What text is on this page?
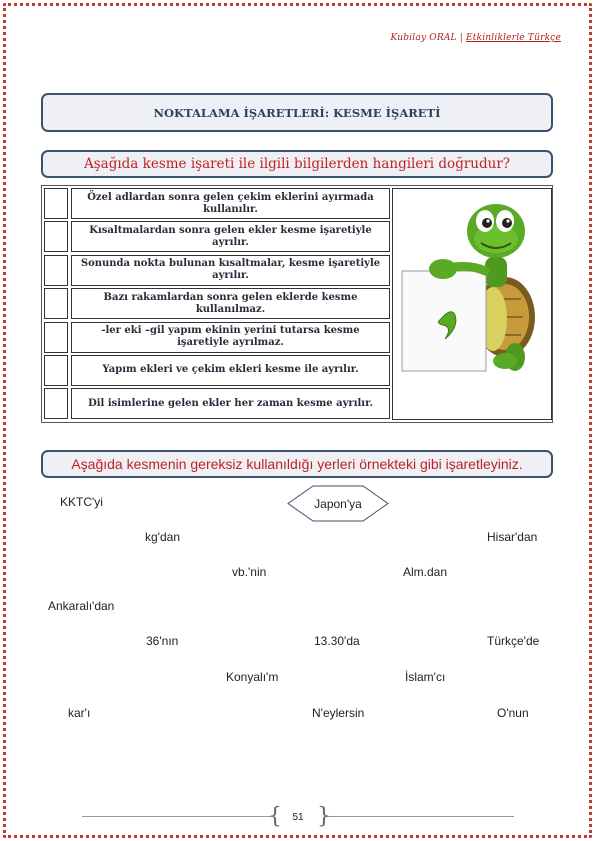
Kubilay ORAL | Etkinliklerle Türkçe
NOKTALAMA İŞARETLERİ: KESME İŞARETİ
Aşağıda kesme işareti ile ilgili bilgilerden hangileri doğrudur?
Özel adlardan sonra gelen çekim eklerini ayırmada kullanılır.
Kısaltmalardan sonra gelen ekler kesme işaretiyle ayrılır.
Sonunda nokta bulunan kısaltmalar, kesme işaretiyle ayrılır.
Bazı rakamlardan sonra gelen eklerde kesme kullanılmaz.
-ler eki –gil yapım ekinin yerini tutarsa kesme işaretiyle ayrılmaz.
Yapım ekleri ve çekim ekleri kesme ile ayrılır.
Dil isimlerine gelen ekler her zaman kesme ayrılır.
Aşağıda kesmenin gereksiz kullanıldığı yerleri örnekteki gibi işaretleyiniz.
Japon'ya
KKTC'yi
kg'dan	Hisar'dan
vb.'nin	Alm.dan
Ankaralı'dan
36'nın	13.30'da	Türkçe'de
Konyalı'm	İslam'cı
kar'ı	N'eylersin	O'nun
{ }
51
